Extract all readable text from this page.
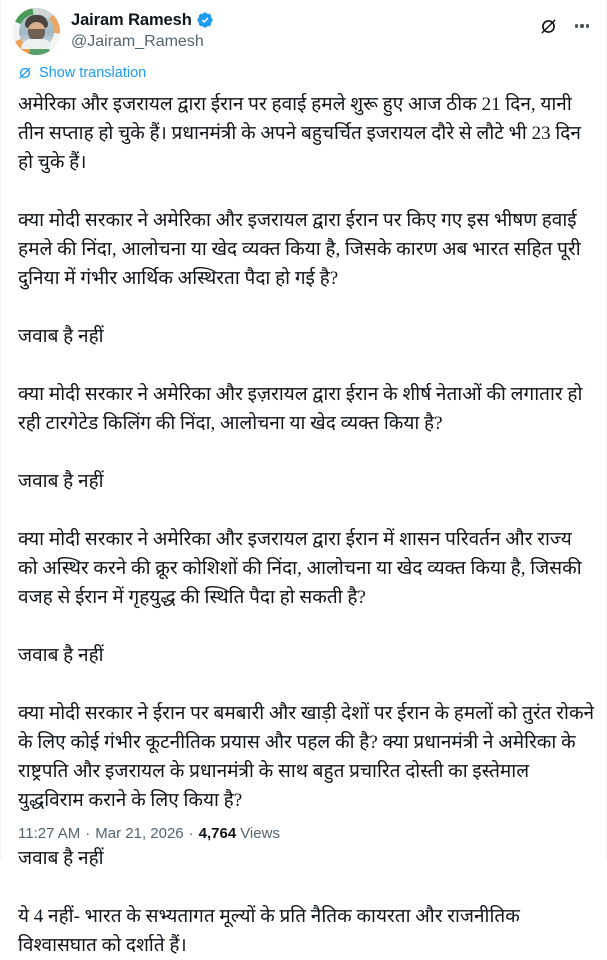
Jairam Ramesh
@Jairam_Ramesh
Show translation

अमेरिका और इजरायल द्वारा ईरान पर हवाई हमले शुरू हुए आज ठीक 21 दिन, यानी तीन सप्ताह हो चुके हैं। प्रधानमंत्री के अपने बहुचर्चित इजरायल दौरे से लौटे भी 23 दिन हो चुके हैं।

क्या मोदी सरकार ने अमेरिका और इजरायल द्वारा ईरान पर किए गए इस भीषण हवाई हमले की निंदा, आलोचना या खेद व्यक्त किया है, जिसके कारण अब भारत सहित पूरी दुनिया में गंभीर आर्थिक अस्थिरता पैदा हो गई है?

जवाब है नहीं

क्या मोदी सरकार ने अमेरिका और इज़रायल द्वारा ईरान के शीर्ष नेताओं की लगातार हो रही टारगेटेड किलिंग की निंदा, आलोचना या खेद व्यक्त किया है?

जवाब है नहीं

क्या मोदी सरकार ने अमेरिका और इजरायल द्वारा ईरान में शासन परिवर्तन और राज्य को अस्थिर करने की क्रूर कोशिशों की निंदा, आलोचना या खेद व्यक्त किया है, जिसकी वजह से ईरान में गृहयुद्ध की स्थिति पैदा हो सकती है?

जवाब है नहीं

क्या मोदी सरकार ने ईरान पर बमबारी और खाड़ी देशों पर ईरान के हमलों को तुरंत रोकने के लिए कोई गंभीर कूटनीतिक प्रयास और पहल की है? क्या प्रधानमंत्री ने अमेरिका के राष्ट्रपति और इजरायल के प्रधानमंत्री के साथ बहुत प्रचारित दोस्ती का इस्तेमाल युद्धविराम कराने के लिए किया है?

जवाब है नहीं

ये 4 नहीं- भारत के सभ्यतागत मूल्यों के प्रति नैतिक कायरता और राजनीतिक विश्वासघात को दर्शाते हैं।

11:27 AM · Mar 21, 2026 · 4,764 Views
